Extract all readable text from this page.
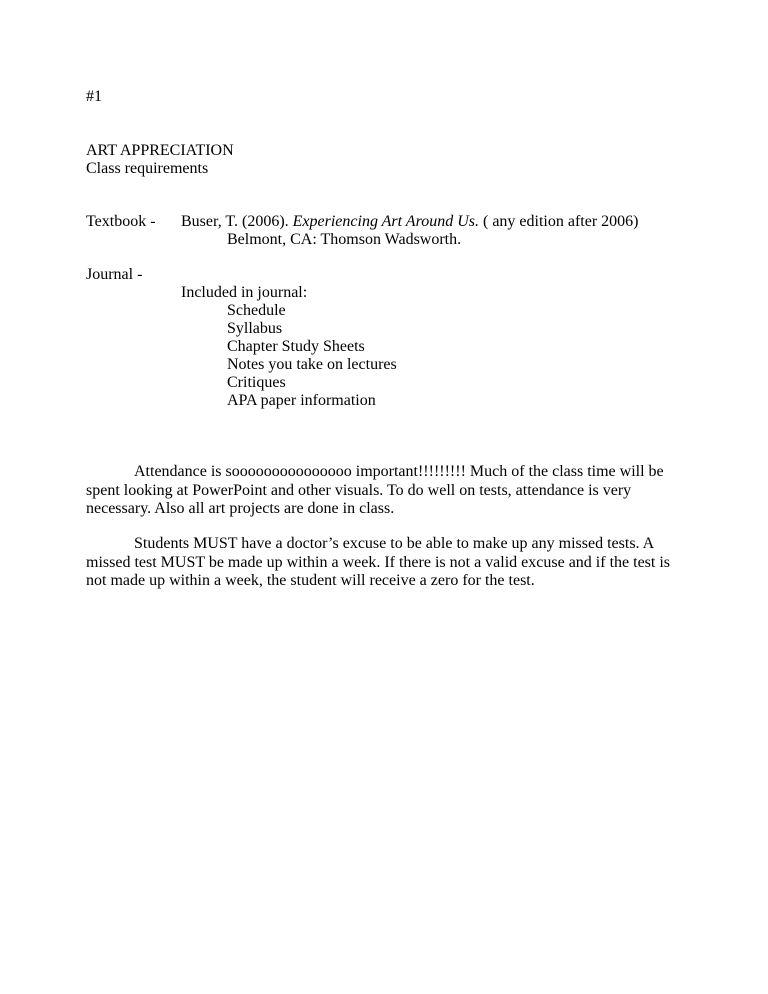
#1
ART APPRECIATION
Class requirements
Textbook - Buser, T. (2006). Experiencing Art Around Us. ( any edition after 2006)
Belmont, CA: Thomson Wadsworth.
Journal -
Included in journal:
Schedule
Syllabus
Chapter Study Sheets
Notes you take on lectures
Critiques
APA paper information
Attendance is sooooooooooooooo important!!!!!!!!! Much of the class time will be spent looking at PowerPoint and other visuals. To do well on tests, attendance is very necessary. Also all art projects are done in class.
Students MUST have a doctor’s excuse to be able to make up any missed tests. A missed test MUST be made up within a week. If there is not a valid excuse and if the test is not made up within a week, the student will receive a zero for the test.
